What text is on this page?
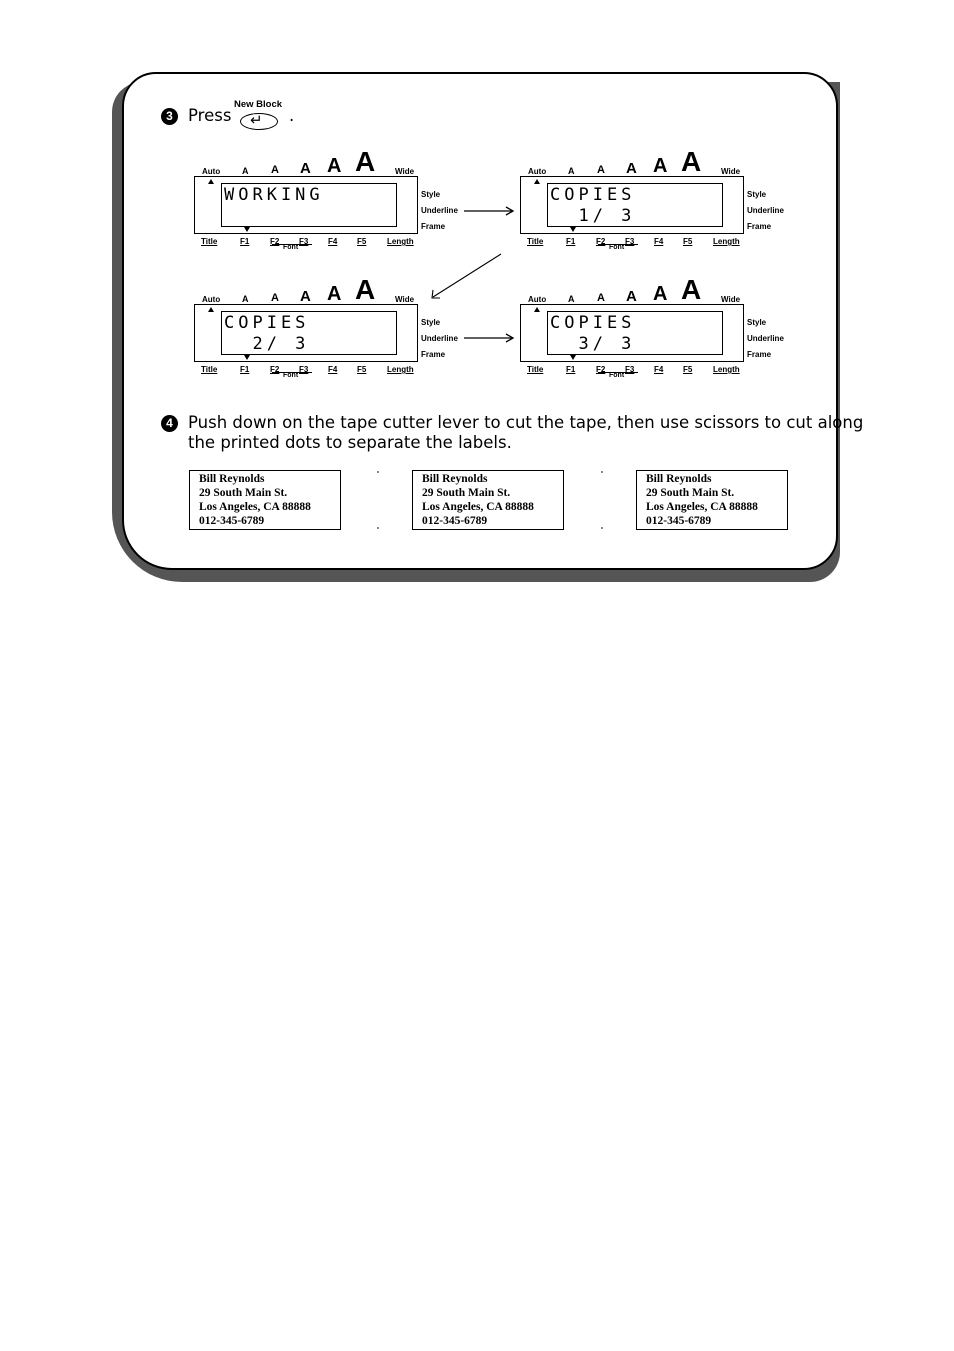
3 Press
New Block
↵ .
Auto A A A A A Wide
WORKING	Style
Underline
Frame
Title	F1	F2 F3 F4 F5	Length
Font
Auto A A A A A Wide
COPIES
1/ 3
Style
Underline
Frame
Title	F1	F2 F3 F4 F5	Length
Font
Auto A A A A A Wide
COPIES
2/ 3
Style
Underline
Frame
Title	F1	F2 F3 F4 F5	Length
Font
Auto A A A A A Wide
COPIES
3/ 3
Style
Underline
Frame
Title	F1	F2 F3 F4 F5	Length
Font
4 Push down on the tape cutter lever to cut the tape, then use scissors to cut along
the printed dots to separate the labels.
Bill Reynolds
29 South Main St.
Los Angeles, CA 88888
012-345-6789
Bill Reynolds
29 South Main St.
Los Angeles, CA 88888
012-345-6789
Bill Reynolds
29 South Main St.
Los Angeles, CA 88888
012-345-6789
